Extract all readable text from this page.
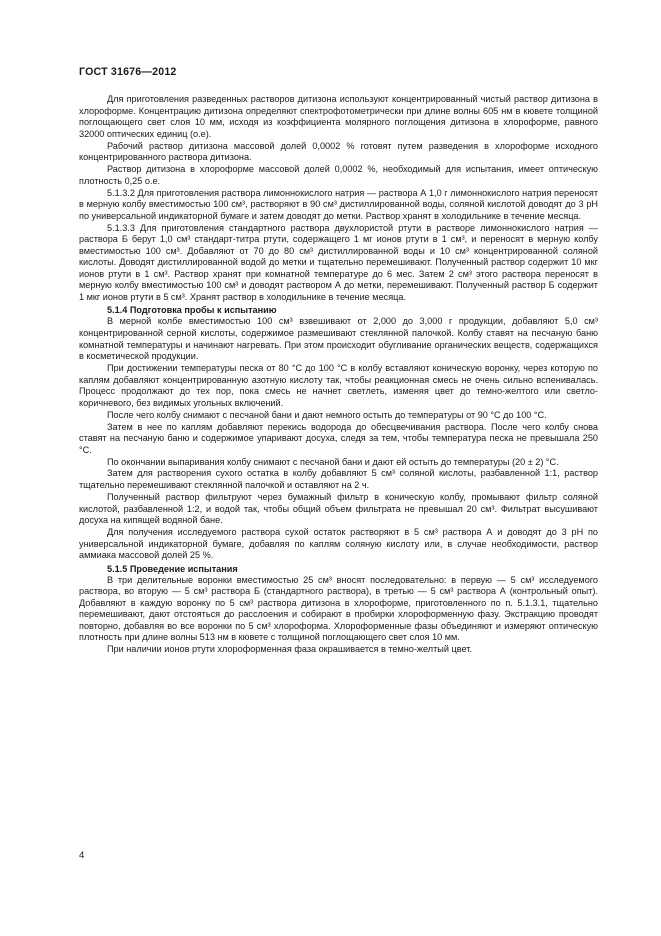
ГОСТ 31676—2012

Для приготовления разведенных растворов дитизона используют концентрированный чистый раствор дитизона в хлороформе. Концентрацию дитизона определяют спектрофотометрически при длине волны 605 нм в кювете толщиной поглощающего свет слоя 10 мм, исходя из коэффициента молярного поглощения дитизона в хлороформе, равного 32000 оптических единиц (о.е).

Рабочий раствор дитизона массовой долей 0,0002 % готовят путем разведения в хлороформе исходного концентрированного раствора дитизона.

Раствор дитизона в хлороформе массовой долей 0,0002 %, необходимый для испытания, имеет оптическую плотность 0,25 о.е.

5.1.3.2 Для приготовления раствора лимоннокислого натрия — раствора А 1,0 г лимоннокислого натрия переносят в мерную колбу вместимостью 100 см³, растворяют в 90 см³ дистиллированной воды, соляной кислотой доводят до 3 рН по универсальной индикаторной бумаге и затем доводят до метки. Раствор хранят в холодильнике в течение месяца.

5.1.3.3 Для приготовления стандартного раствора двухлористой ртути в растворе лимоннокислого натрия — раствора Б берут 1,0 см³ стандарт-титра ртути, содержащего 1 мг ионов ртути в 1 см³, и переносят в мерную колбу вместимостью 100 см³. Добавляют от 70 до 80 см³ дистиллированной воды и 10 см³ концентрированной соляной кислоты. Доводят дистиллированной водой до метки и тщательно перемешивают. Полученный раствор содержит 10 мкг ионов ртути в 1 см³. Раствор хранят при комнатной температуре до 6 мес. Затем 2 см³ этого раствора переносят в мерную колбу вместимостью 100 см³ и доводят раствором А до метки, перемешивают. Полученный раствор Б содержит 1 мкг ионов ртути в 5 см³. Хранят раствор в холодильнике в течение месяца.

5.1.4 Подготовка пробы к испытанию

В мерной колбе вместимостью 100 см³ взвешивают от 2,000 до 3,000 г продукции, добавляют 5,0 см³ концентрированной серной кислоты, содержимое размешивают стеклянной палочкой. Колбу ставят на песчаную баню комнатной температуры и начинают нагревать. При этом происходит обугливание органических веществ, содержащихся в косметической продукции.

При достижении температуры песка от 80 °С до 100 °С в колбу вставляют коническую воронку, через которую по каплям добавляют концентрированную азотную кислоту так, чтобы реакционная смесь не очень сильно вспенивалась. Процесс продолжают до тех пор, пока смесь не начнет светлеть, изменяя цвет до темно-желтого или светло-коричневого, без видимых угольных включений.

После чего колбу снимают с песчаной бани и дают немного остыть до температуры от 90 °С до 100 °С.

Затем в нее по каплям добавляют перекись водорода до обесцвечивания раствора. После чего колбу снова ставят на песчаную баню и содержимое упаривают досуха, следя за тем, чтобы температура песка не превышала 250 °С.

По окончании выпаривания колбу снимают с песчаной бани и дают ей остыть до температуры (20 ± 2) °С.

Затем для растворения сухого остатка в колбу добавляют 5 см³ соляной кислоты, разбавленной 1:1, раствор тщательно перемешивают стеклянной палочкой и оставляют на 2 ч.

Полученный раствор фильтруют через бумажный фильтр в коническую колбу, промывают фильтр соляной кислотой, разбавленной 1:2, и водой так, чтобы общий объем фильтрата не превышал 20 см³. Фильтрат высушивают досуха на кипящей водяной бане.

Для получения исследуемого раствора сухой остаток растворяют в 5 см³ раствора А и доводят до 3 рН по универсальной индикаторной бумаге, добавляя по каплям соляную кислоту или, в случае необходимости, раствор аммиака массовой долей 25 %.

5.1.5 Проведение испытания

В три делительные воронки вместимостью 25 см³ вносят последовательно: в первую — 5 см³ исследуемого раствора, во вторую — 5 см³ раствора Б (стандартного раствора), в третью — 5 см³ раствора А (контрольный опыт). Добавляют в каждую воронку по 5 см³ раствора дитизона в хлороформе, приготовленного по п. 5.1.3.1, тщательно перемешивают, дают отстояться до расслоения и собирают в пробирки хлороформенную фазу. Экстракцию проводят повторно, добавляя во все воронки по 5 см³ хлороформа. Хлороформенные фазы объединяют и измеряют оптическую плотность при длине волны 513 нм в кювете с толщиной поглощающего свет слоя 10 мм.

При наличии ионов ртути хлороформенная фаза окрашивается в темно-желтый цвет.

4
